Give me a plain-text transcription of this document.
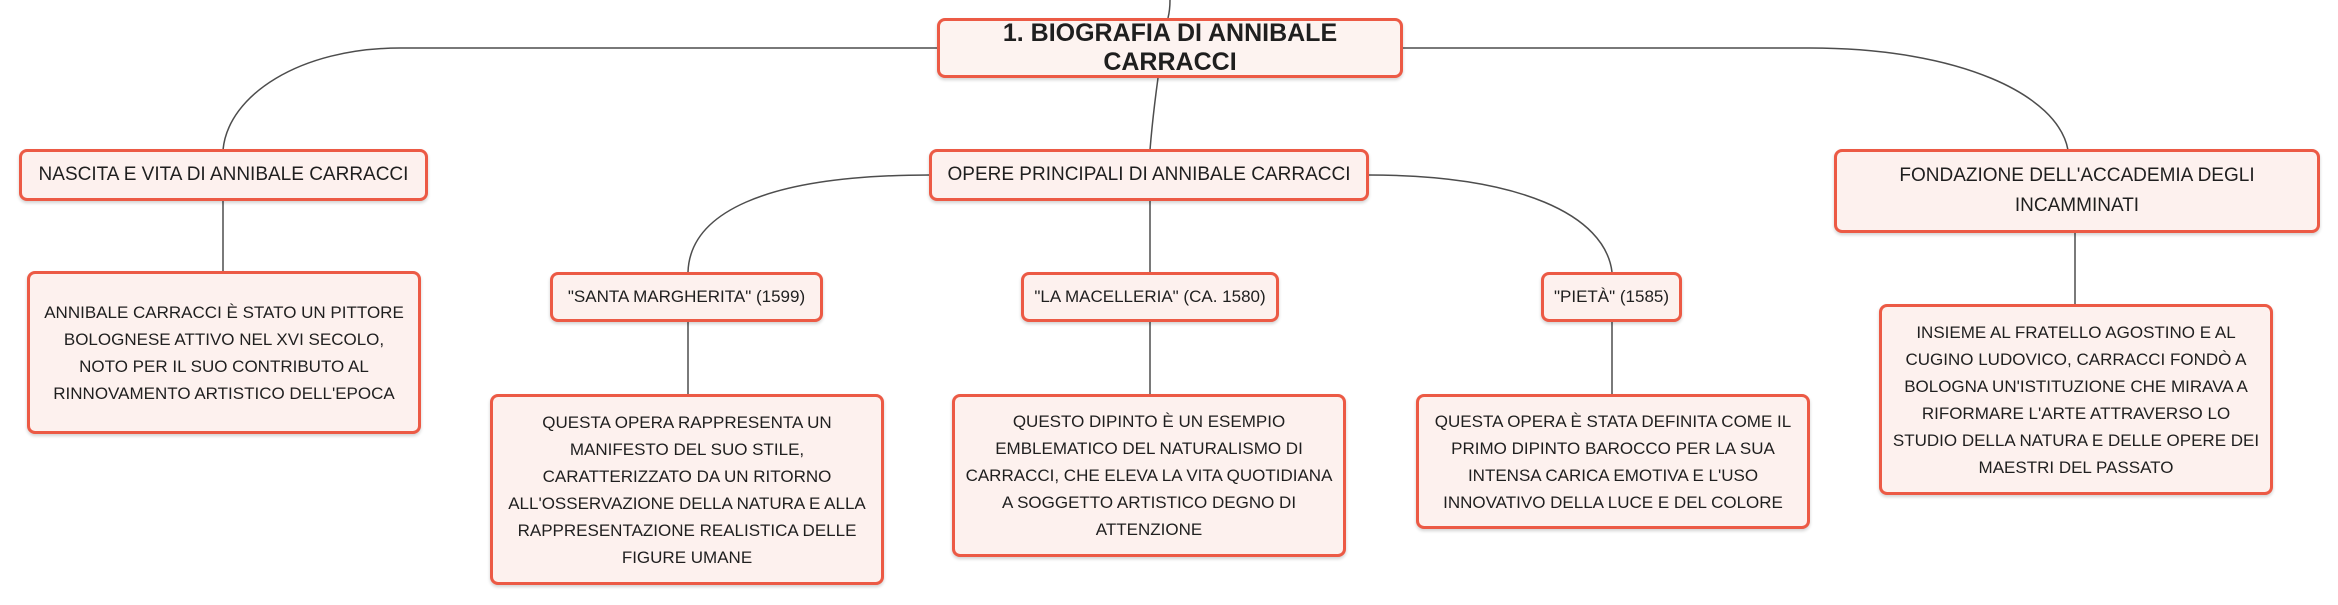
1. BIOGRAFIA DI ANNIBALE CARRACCI
NASCITA E VITA DI ANNIBALE CARRACCI	OPERE PRINCIPALI DI ANNIBALE CARRACCI	FONDAZIONE DELL'ACCADEMIA DEGLI INCAMMINATI
ANNIBALE CARRACCI È STATO UN PITTORE BOLOGNESE ATTIVO NEL XVI SECOLO, NOTO PER IL SUO CONTRIBUTO AL RINNOVAMENTO ARTISTICO DELL'EPOCA
"SANTA MARGHERITA" (1599)	"LA MACELLERIA" (CA. 1580)	"PIETÀ" (1585)
QUESTA OPERA RAPPRESENTA UN MANIFESTO DEL SUO STILE, CARATTERIZZATO DA UN RITORNO ALL'OSSERVAZIONE DELLA NATURA E ALLA RAPPRESENTAZIONE REALISTICA DELLE FIGURE UMANE
QUESTO DIPINTO È UN ESEMPIO EMBLEMATICO DEL NATURALISMO DI CARRACCI, CHE ELEVA LA VITA QUOTIDIANA A SOGGETTO ARTISTICO DEGNO DI ATTENZIONE
QUESTA OPERA È STATA DEFINITA COME IL PRIMO DIPINTO BAROCCO PER LA SUA INTENSA CARICA EMOTIVA E L'USO INNOVATIVO DELLA LUCE E DEL COLORE
INSIEME AL FRATELLO AGOSTINO E AL CUGINO LUDOVICO, CARRACCI FONDÒ A BOLOGNA UN'ISTITUZIONE CHE MIRAVA A RIFORMARE L'ARTE ATTRAVERSO LO STUDIO DELLA NATURA E DELLE OPERE DEI MAESTRI DEL PASSATO
